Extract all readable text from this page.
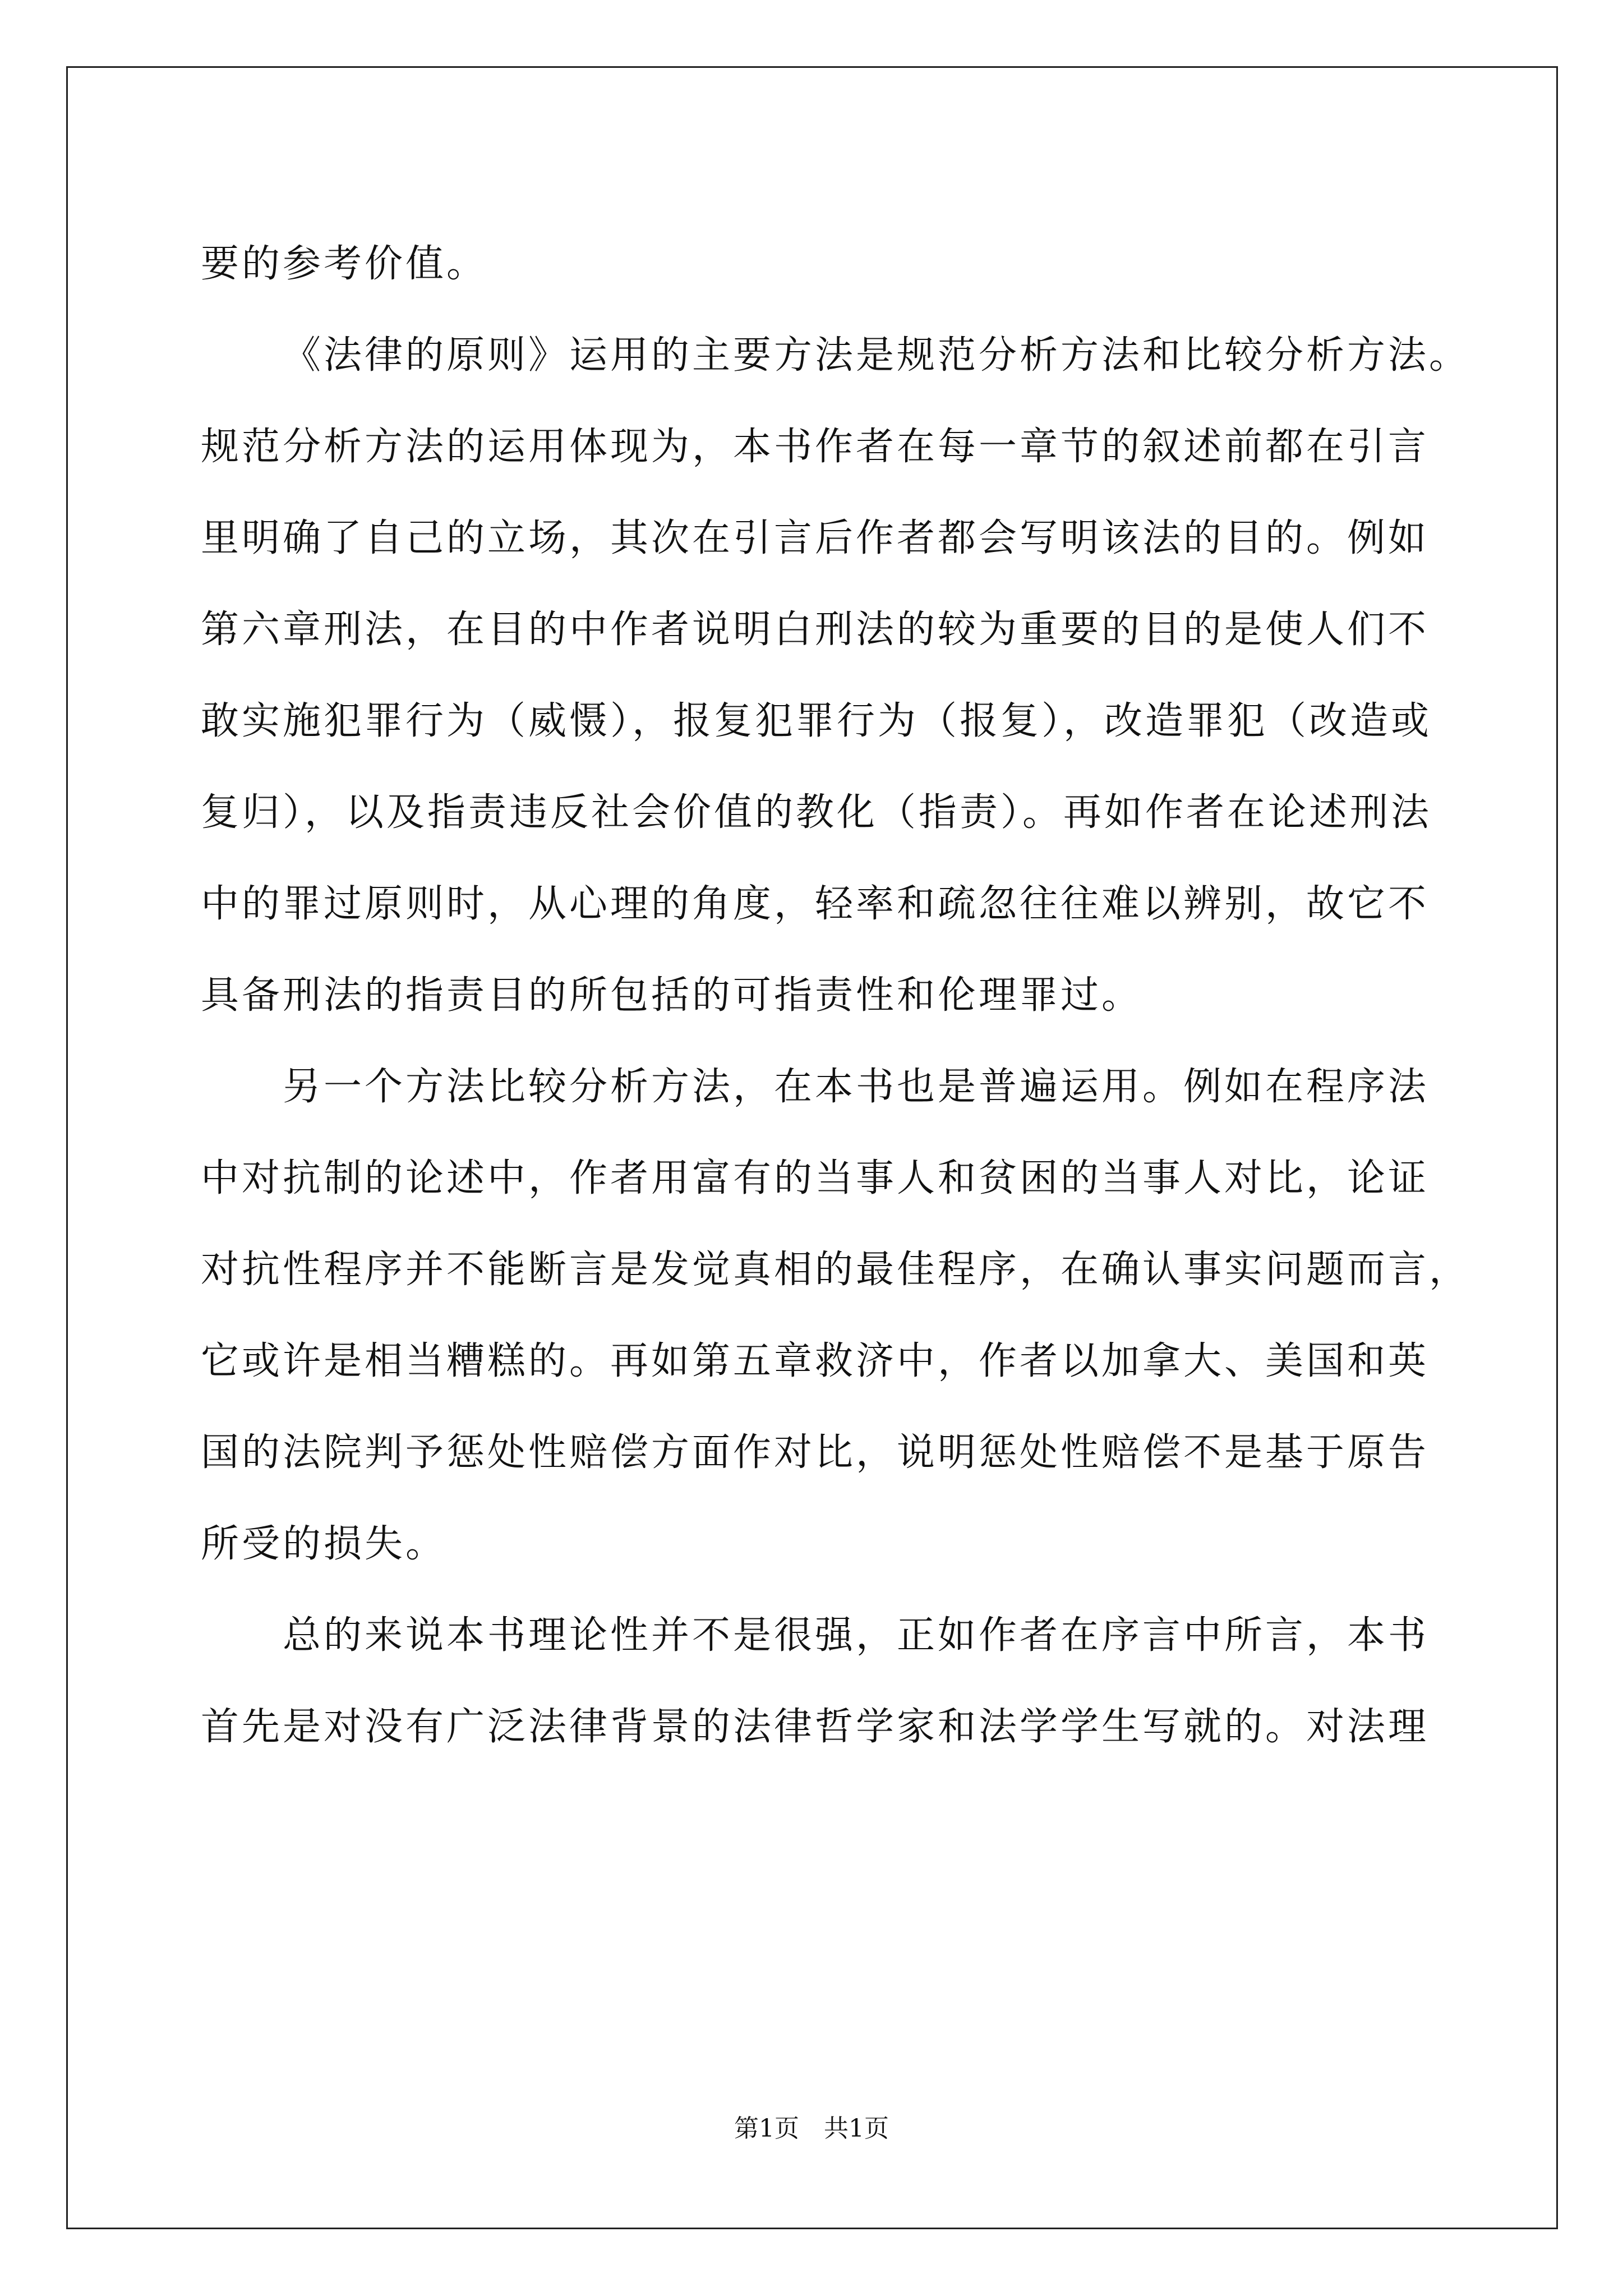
要的参考价值。
《法律的原则》运用的主要方法是规范分析方法和比较分析方法。
规范分析方法的运用体现为，本书作者在每一章节的叙述前都在引言
里明确了自己的立场，其次在引言后作者都会写明该法的目的。例如
第六章刑法，在目的中作者说明白刑法的较为重要的目的是使人们不
敢实施犯罪行为（威慑），报复犯罪行为（报复），改造罪犯（改造或
复归），以及指责违反社会价值的教化（指责）。再如作者在论述刑法
中的罪过原则时，从心理的角度，轻率和疏忽往往难以辨别，故它不
具备刑法的指责目的所包括的可指责性和伦理罪过。
另一个方法比较分析方法，在本书也是普遍运用。例如在程序法
中对抗制的论述中，作者用富有的当事人和贫困的当事人对比，论证
对抗性程序并不能断言是发觉真相的最佳程序，在确认事实问题而言，
它或许是相当糟糕的。再如第五章救济中，作者以加拿大、美国和英
国的法院判予惩处性赔偿方面作对比，说明惩处性赔偿不是基于原告
所受的损失。
总的来说本书理论性并不是很强，正如作者在序言中所言，本书
首先是对没有广泛法律背景的法律哲学家和法学学生写就的。对法理
第1页　共1页
